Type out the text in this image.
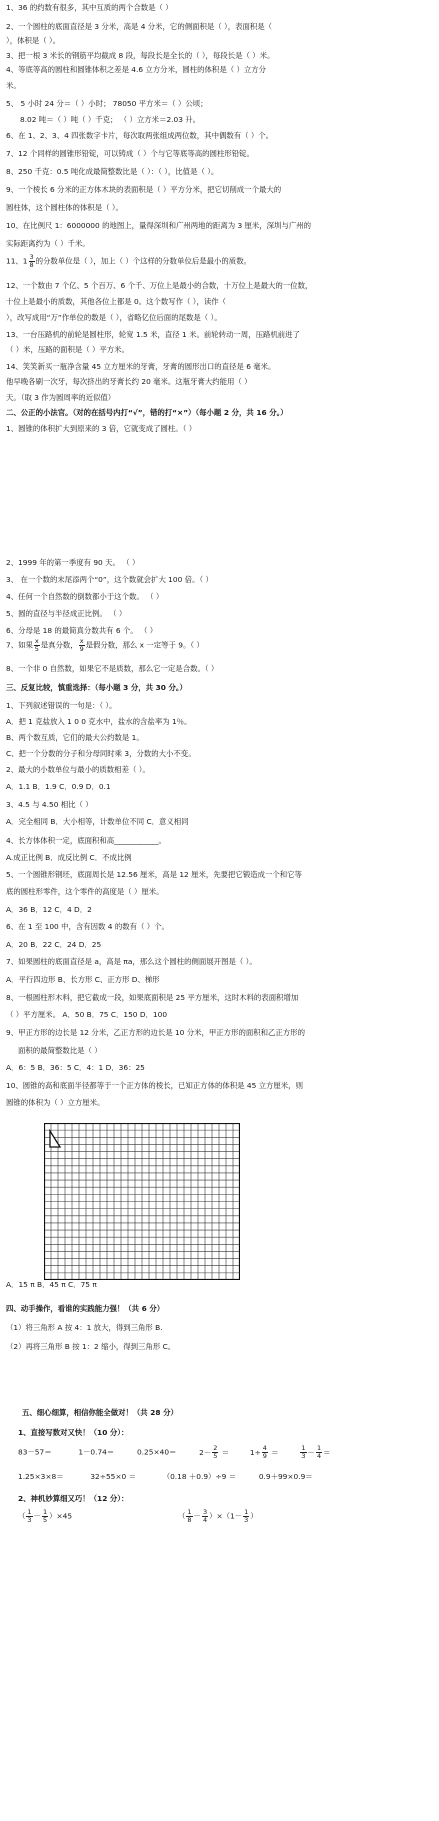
1、36 的约数有很多，其中互质的两个合数是（ ）
2、一个圆柱的底面直径是 3 分米，高是 4 分米，它的侧面积是（ ），表面积是（
），体积是（ ）。
3、把一根 3 米长的钢筋平均截成 8 段，每段长是全长的（ ），每段长是（ ）米。
4、等底等高的圆柱和圆锥体积之差是 4.6 立方分米，圆柱的体积是（ ）立方分
米。
5、 5 小时 24 分＝（ ）小时； 78050 平方米＝（ ）公顷；
8.02 吨＝（ ）吨（ ）千克； （ ）立方米＝2.03 升。
6、在 1、2、3、4 四张数字卡片，每次取两张组成两位数，其中偶数有（ ）个。
7、12 个同样的圆锥形铅锭，可以铸成（ ）个与它等底等高的圆柱形铅锭。
8、250 千克：0.5 吨化成最简整数比是（ ）：（ ），比值是（ ）。
9、一个棱长 6 分米的正方体木块的表面积是（ ）平方分米，把它切削成一个最大的
圆柱体，这个圆柱体的体积是（ ）。
10、在比例尺 1：6000000 的地图上，量得深圳和广州两地的距离为 3 厘米，深圳与广州的
实际距离约为（ ）千米。
11、$1 \frac{3}{8}$ 的分数单位是（ ），加上（ ）个这样的分数单位后是最小的质数。
12、一个数由 7 个亿、5 个百万、6 个千、万位上是最小的合数，十万位上是最大的一位数，
十位上是最小的质数，其他各位上都是 0。这个数写作（ ），读作（
），改写成用“万”作单位的数是（ ），省略亿位后面的尾数是（ ）。
13、一台压路机的前轮是圆柱形，轮宽 1.5 米，直径 1 米。前轮转动一周，压路机前进了
（ ）米，压路的面积是（ ）平方米。
14、笑笑新买一瓶净含量 45 立方厘米的牙膏，牙膏的圆形出口的直径是 6 毫米。
他早晚各刷一次牙，每次挤出的牙膏长约 20 毫米。这瓶牙膏大约能用（ ）
天。（取 3 作为圆周率的近似值）
二、公正的小法官。（对的在括号内打“√”，错的打“×”）（每小题 2 分，共 16 分。）
1、圆锥的体积扩大到原来的 3 倍，它就变成了圆柱。（ ）
2、1999 年的第一季度有 90 天。 （ ）
3、 在一个数的末尾添两个“0”，这个数就会扩大 100 倍。（ ）
4、任何一个自然数的倒数都小于这个数。 （ ）
5、圆的直径与半径成正比例。 （ ）
6、分母是 18 的最简真分数共有 6 个。 （ ）
7、如果 $\frac{x}{5}$ 是真分数， $\frac{x}{9}$ 是假分数，那么 x 一定等于 9。（ ）
8、一个非 0 自然数，如果它不是质数，那么它一定是合数。（ ）
三、反复比较，慎重选择：（每小题 3 分，共 30 分。）
1、下列叙述错误的一句是：（ ）。
A．把 1 克盐放入 1 0 0 克水中，盐水的含盐率为 1％。
B、两个数互质，它们的最大公约数是 1。
C、把一个分数的分子和分母同时乘 3，分数的大小不变。
2、最大的小数单位与最小的质数相差（ ）。
A．1.1 B．1.9 C．0.9 D．0.1
3、4.5 与 4.50 相比（ ）
A．完全相同 B．大小相等，计数单位不同 C．意义相同
4、长方体体积一定，底面积和高____________。
A.成正比例 B．成反比例 C．不成比例
5、一个圆锥形钢坯，底面周长是 12.56 厘米，高是 12 厘米，先要把它锻造成一个和它等
底的圆柱形零件，这个零件的高度是（ ）厘米。
A．36 B．12 C．4 D．2
6、在 1 至 100 中，含有因数 4 的数有（ ）个。
A．20 B．22 C．24 D．25
7、如果圆柱的底面直径是 a，高是 πa，那么这个圆柱的侧面展开图是（ ）。
A．平行四边形 B、长方形 C、正方形 D、梯形
8、一根圆柱形木料，把它截成一段，如果底面积是 25 平方厘米，这时木料的表面积增加
（ ）平方厘米。 A．50 B．75 C．150 D．100
9、甲正方形的边长是 12 分米，乙正方形的边长是 10 分米，甲正方形的面积和乙正方形的
面积的最简整数比是（ ）
A．6：5 B．36：5 C．4：1 D．36：25
10、圆锥的高和底面半径都等于一个正方体的棱长，已知正方体的体积是 45 立方厘米，则
圆锥的体积为（ ）立方厘米。
A．15 π B．45 π C．75 π
四、动手操作，看谁的实践能力强！（共 6 分）
（1）将三角形 A 按 4：1 放大，得到三角形 B.
（2）再将三角形 B 按 1：2 缩小，得到三角形 C。
五、细心细算，相信你能全做对！（共 28 分）
1、直接写数对又快！（10 分）：
83－57＝	1－0.74＝	0.25×40＝	$2- \frac{2}{5}$ ＝	$1\div \frac{4}{9}$ ＝	$\frac{1}{3} - \frac{1}{4}$ ＝
1.25×3×8＝	32÷55×0 ＝	（0.18 ＋0.9）÷9 ＝	0.9＋99×0.9＝
2、神机妙算细又巧！（12 分）：
（ $\frac{1}{3} - \frac{1}{5} )\times 45$	（ $\frac{1}{8} - \frac{3}{4} )\times(1- \frac{1}{3}$ ）
